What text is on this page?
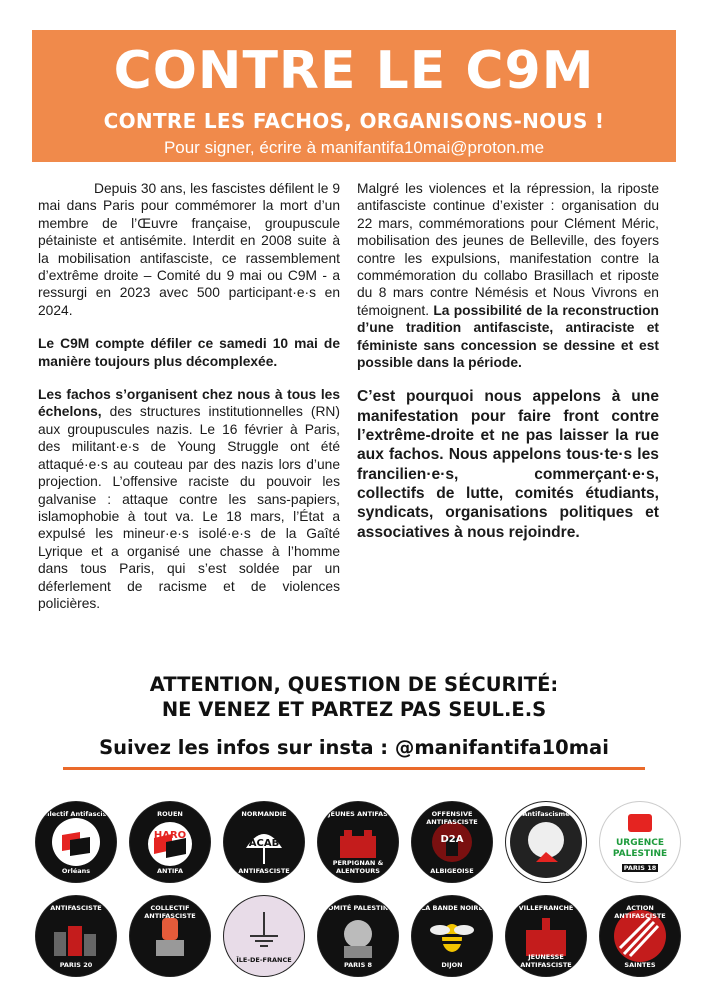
CONTRE LE C9M
CONTRE LES FACHOS, ORGANISONS-NOUS !
Pour signer, écrire à manifantifa10mai@proton.me

Depuis 30 ans, les fascistes défilent le 9 mai dans Paris pour commémorer la mort d’un membre de l’Œuvre française, groupuscule pétainiste et antisémite. Interdit en 2008 suite à la mobilisation antifasciste, ce rassemblement d’extrême droite – Comité du 9 mai ou C9M - a ressurgi en 2023 avec 500 participant·e·s en 2024.

Le C9M compte défiler ce samedi 10 mai de manière toujours plus décomplexée.

Les fachos s’organisent chez nous à tous les échelons, des structures institutionnelles (RN) aux groupuscules nazis. Le 16 février à Paris, des militant·e·s de Young Struggle ont été attaqué·e·s au couteau par des nazis lors d’une projection. L’offensive raciste du pouvoir les galvanise : attaque contre les sans-papiers, islamophobie à tout va. Le 18 mars, l’État a expulsé les mineur·e·s isolé·e·s de la Gaîté Lyrique et a organisé une chasse à l’homme dans tous Paris, qui s’est soldée par un déferlement de racisme et de violences policières.

Malgré les violences et la répression, la riposte antifasciste continue d’exister : organisation du 22 mars, commémorations pour Clément Méric, mobilisation des jeunes de Belleville, des foyers contre les expulsions, manifestation contre la commémoration du collabo Brasillach et riposte du 8 mars contre Némésis et Nous Vivrons en témoignent. La possibilité de la reconstruction d’une tradition antifasciste, antiraciste et féministe sans concession se dessine et est possible dans la période.

C’est pourquoi nous appelons à une manifestation pour faire front contre l’extrême-droite et ne pas laisser la rue aux fachos. Nous appelons tous·te·s les francilien·e·s, commerçant·e·s, collectifs de lutte, comités étudiants, syndicats, organisations politiques et associatives à nous rejoindre.

ATTENTION, QUESTION DE SÉCURITÉ:
NE VENEZ ET PARTEZ PAS SEUL.E.S
Suivez les infos sur insta : @manifantifa10mai
Collectif Antifasciste
Orléans
ROUEN
HARO
ANTIFA
NORMANDIE
ACAB
ANTIFASCISTE
JEUNES ANTIFAS
PERPIGNAN & ALENTOURS
OFFENSIVE ANTIFASCISTE
D2A
ALBIGEOISE
Antifascisme
URGENCE PALESTINE
PARIS 18
ANTIFASCISTE
PARIS 20
COLLECTIF ANTIFASCISTE
ÎLE-DE-FRANCE
COMITÉ PALESTINE
PARIS 8
LA BANDE NOIRE
DIJON
VILLEFRANCHE
JEUNESSE ANTIFASCISTE
ACTION ANTIFASCISTE
SAINTES
